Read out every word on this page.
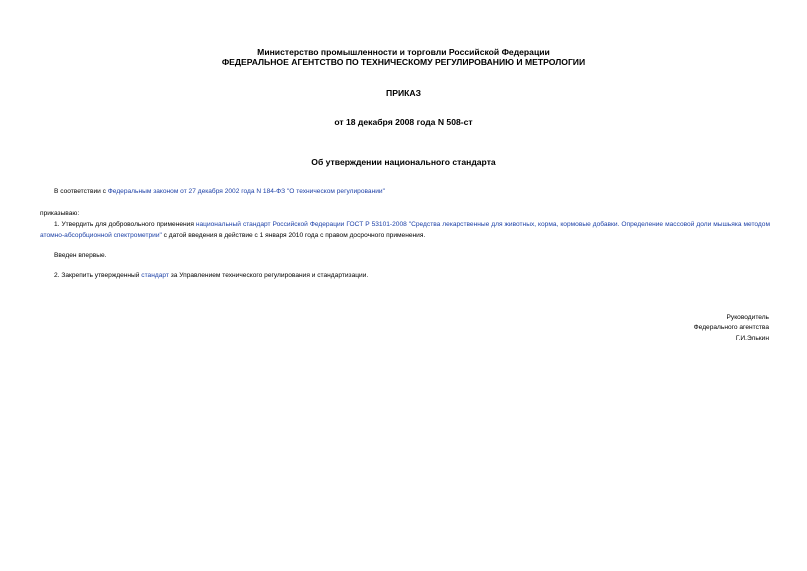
Министерство промышленности и торговли Российской Федерации
ФЕДЕРАЛЬНОЕ АГЕНТСТВО ПО ТЕХНИЧЕСКОМУ РЕГУЛИРОВАНИЮ И МЕТРОЛОГИИ
ПРИКАЗ
от 18 декабря 2008 года N 508-ст
Об утверждении национального стандарта
В соответствии с Федеральным законом от 27 декабря 2002 года N 184-ФЗ "О техническом регулировании"
приказываю:
1. Утвердить для добровольного применения национальный стандарт Российской Федерации ГОСТ Р 53101-2008 "Средства лекарственные для животных, корма, кормовые добавки. Определение массовой доли мышьяка методом атомно-абсорбционной спектрометрии" с датой введения в действие с 1 января 2010 года с правом досрочного применения.
Введен впервые.
2. Закрепить утвержденный стандарт за Управлением технического регулирования и стандартизации.
Руководитель
Федерального агентства
Г.И.Элькин
